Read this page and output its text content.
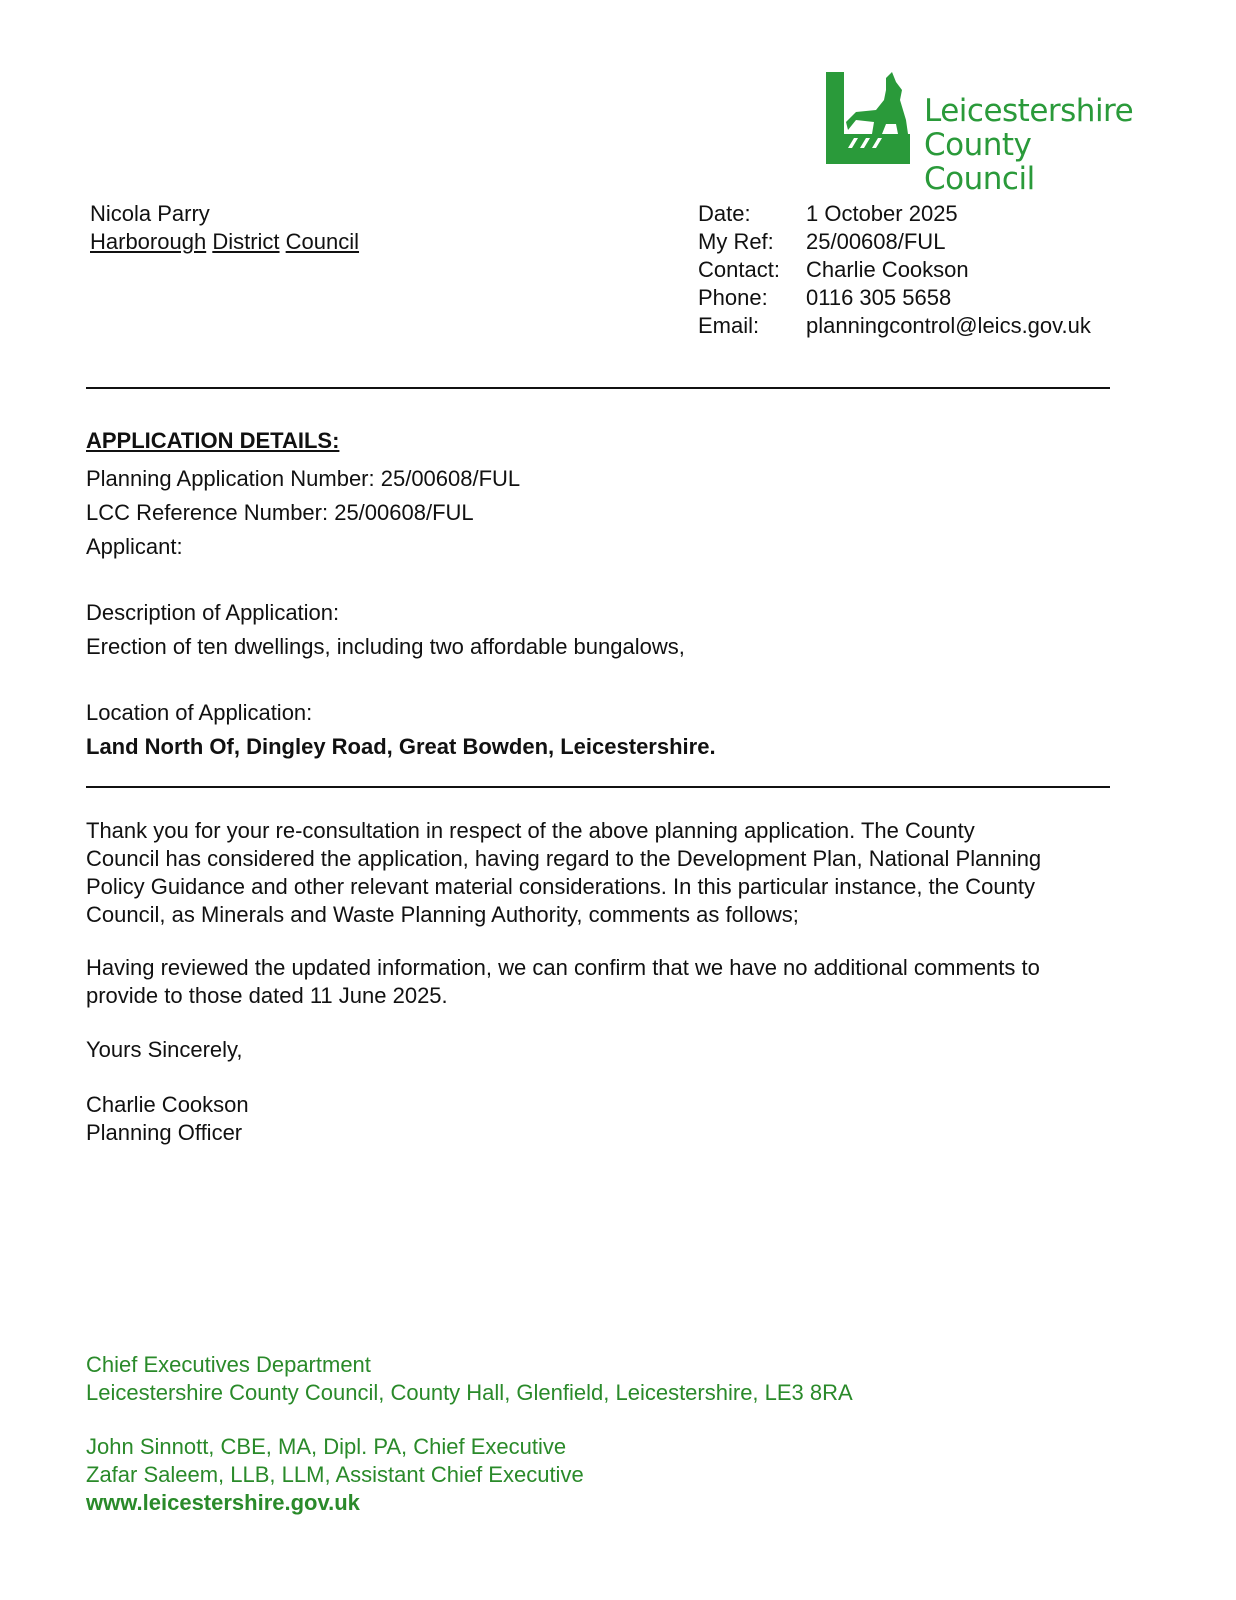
Leicestershire
County Council
Nicola Parry
Harborough District Council
Date:	1 October 2025
My Ref:	25/00608/FUL
Contact:	Charlie Cookson
Phone:	0116 305 5658
Email:	planningcontrol@leics.gov.uk
APPLICATION DETAILS:
Planning Application Number: 25/00608/FUL
LCC Reference Number: 25/00608/FUL
Applicant:
Description of Application:
Erection of ten dwellings, including two affordable bungalows,
Location of Application:
Land North Of, Dingley Road, Great Bowden, Leicestershire.
Thank you for your re-consultation in respect of the above planning application. The County
Council has considered the application, having regard to the Development Plan, National Planning
Policy Guidance and other relevant material considerations. In this particular instance, the County
Council, as Minerals and Waste Planning Authority, comments as follows;
Having reviewed the updated information, we can confirm that we have no additional comments to
provide to those dated 11 June 2025.
Yours Sincerely,
Charlie Cookson
Planning Officer
Chief Executives Department
Leicestershire County Council, County Hall, Glenfield, Leicestershire, LE3 8RA
John Sinnott, CBE, MA, Dipl. PA, Chief Executive
Zafar Saleem, LLB, LLM, Assistant Chief Executive
www.leicestershire.gov.uk
